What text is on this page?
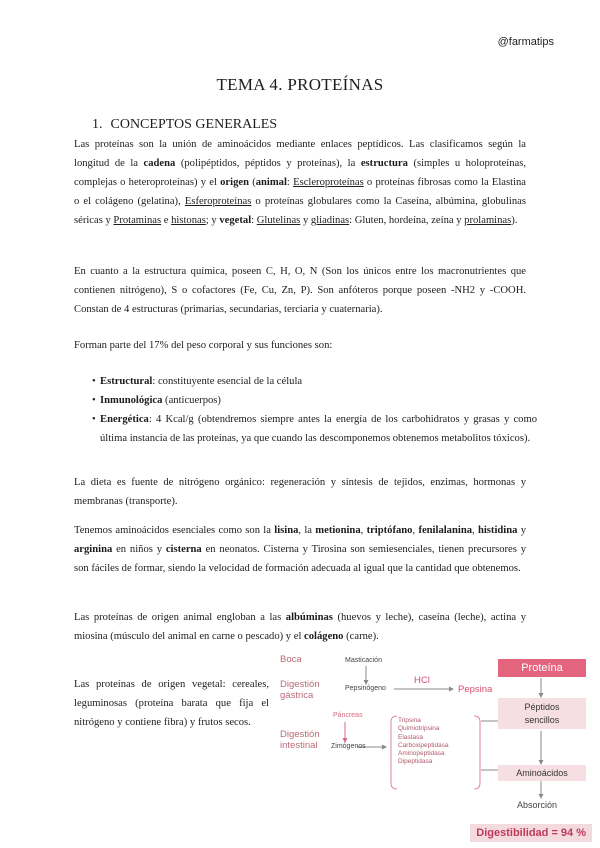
@farmatips
TEMA 4. PROTEÍNAS
1. CONCEPTOS GENERALES

Las proteínas son la unión de aminoácidos mediante enlaces peptídicos. Las clasificamos según la longitud de la cadena (polipéptidos, péptidos y proteínas), la estructura (simples u holoproteínas, complejas o heteroproteínas) y el origen (animal: Escleroproteínas o proteínas fibrosas como la Elastina o el colágeno (gelatina), Esferoproteínas o proteínas globulares como la Caseína, albúmina, globulinas séricas y Protaminas e histonas; y vegetal: Glutelinas y gliadinas: Gluten, hordeína, zeína y prolaminas).

En cuanto a la estructura química, poseen C, H, O, N (Son los únicos entre los macronutrientes que contienen nitrógeno), S o cofactores (Fe, Cu, Zn, P). Son anfóteros porque poseen -NH2 y -COOH. Constan de 4 estructuras (primarias, secundarias, terciaria y cuaternaria).

Forman parte del 17% del peso corporal y sus funciones son:

• Estructural: constituyente esencial de la célula
• Inmunológica (anticuerpos)
• Energética: 4 Kcal/g (obtendremos siempre antes la energía de los carbohidratos y grasas y como última instancia de las proteínas, ya que cuando las descomponemos obtenemos metabolitos tóxicos).

La dieta es fuente de nitrógeno orgánico: regeneración y síntesis de tejidos, enzimas, hormonas y membranas (transporte).

Tenemos aminoácidos esenciales como son la lisina, la metionina, triptófano, fenilalanina, histidina y arginina en niños y cisterna en neonatos. Cisterna y Tirosina son semiesenciales, tienen precursores y son fáciles de formar, siendo la velocidad de formación adecuada al igual que la cantidad que obtenemos.

Las proteínas de origen animal engloban a las albúminas (huevos y leche), caseína (leche), actina y miosina (músculo del animal en carne o pescado) y el colágeno (carne).

Las proteínas de origen vegetal: cereales, leguminosas (proteína barata que fija el nitrógeno y contiene fibra) y frutos secos.

Boca
Digestión
gástrica
Digestión
intestinal
Masticación
Pepsinógeno
HCl
Pepsina
Páncreas
Zimógenos
Tripsina
Quimiotripsina
Elastasa
Carboxipeptidasa
Aminopeptidasa
Dipeptidasa
Proteína
Péptidos
sencillos
Aminoácidos
Absorción
Digestibilidad = 94 %
